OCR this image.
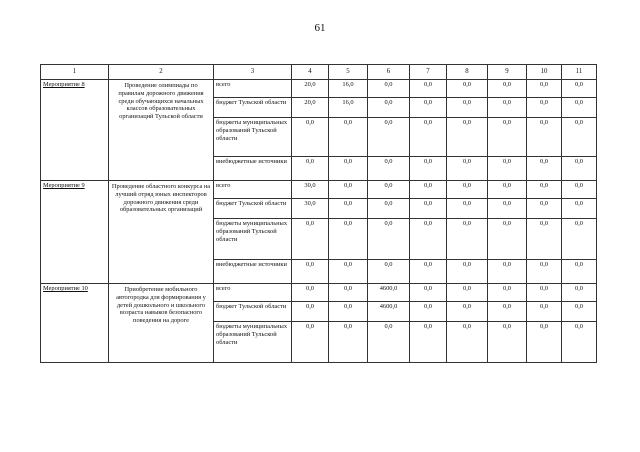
61
1	2	3	4	5	6	7	8	9	10	11
Мероприятие 8	Проведение олимпиады по правилам дорожного движения среди обучающихся начальных классов образовательных организаций Тульской области	всего	20,0	16,0	0,0	0,0	0,0	0,0	0,0	0,0
		бюджет Тульской области	20,0	16,0	0,0	0,0	0,0	0,0	0,0	0,0
		бюджеты муниципальных образований Тульской области	0,0	0,0	0,0	0,0	0,0	0,0	0,0	0,0
		внебюджетные источники	0,0	0,0	0,0	0,0	0,0	0,0	0,0	0,0
Мероприятие 9	Проведение областного конкурса на лучший отряд юных инспекторов дорожного движения среди образовательных организаций	всего	30,0	0,0	0,0	0,0	0,0	0,0	0,0	0,0
		бюджет Тульской области	30,0	0,0	0,0	0,0	0,0	0,0	0,0	0,0
		бюджеты муниципальных образований Тульской области	0,0	0,0	0,0	0,0	0,0	0,0	0,0	0,0
		внебюджетные источники	0,0	0,0	0,0	0,0	0,0	0,0	0,0	0,0
Мероприятие 10	Приобретение мобильного автогородка для формирования у детей дошкольного и школьного возраста навыков безопасного поведения на дороге	всего	0,0	0,0	4600,0	0,0	0,0	0,0	0,0	0,0
		бюджет Тульской области	0,0	0,0	4600,0	0,0	0,0	0,0	0,0	0,0
		бюджеты муниципальных образований Тульской области	0,0	0,0	0,0	0,0	0,0	0,0	0,0	0,0
